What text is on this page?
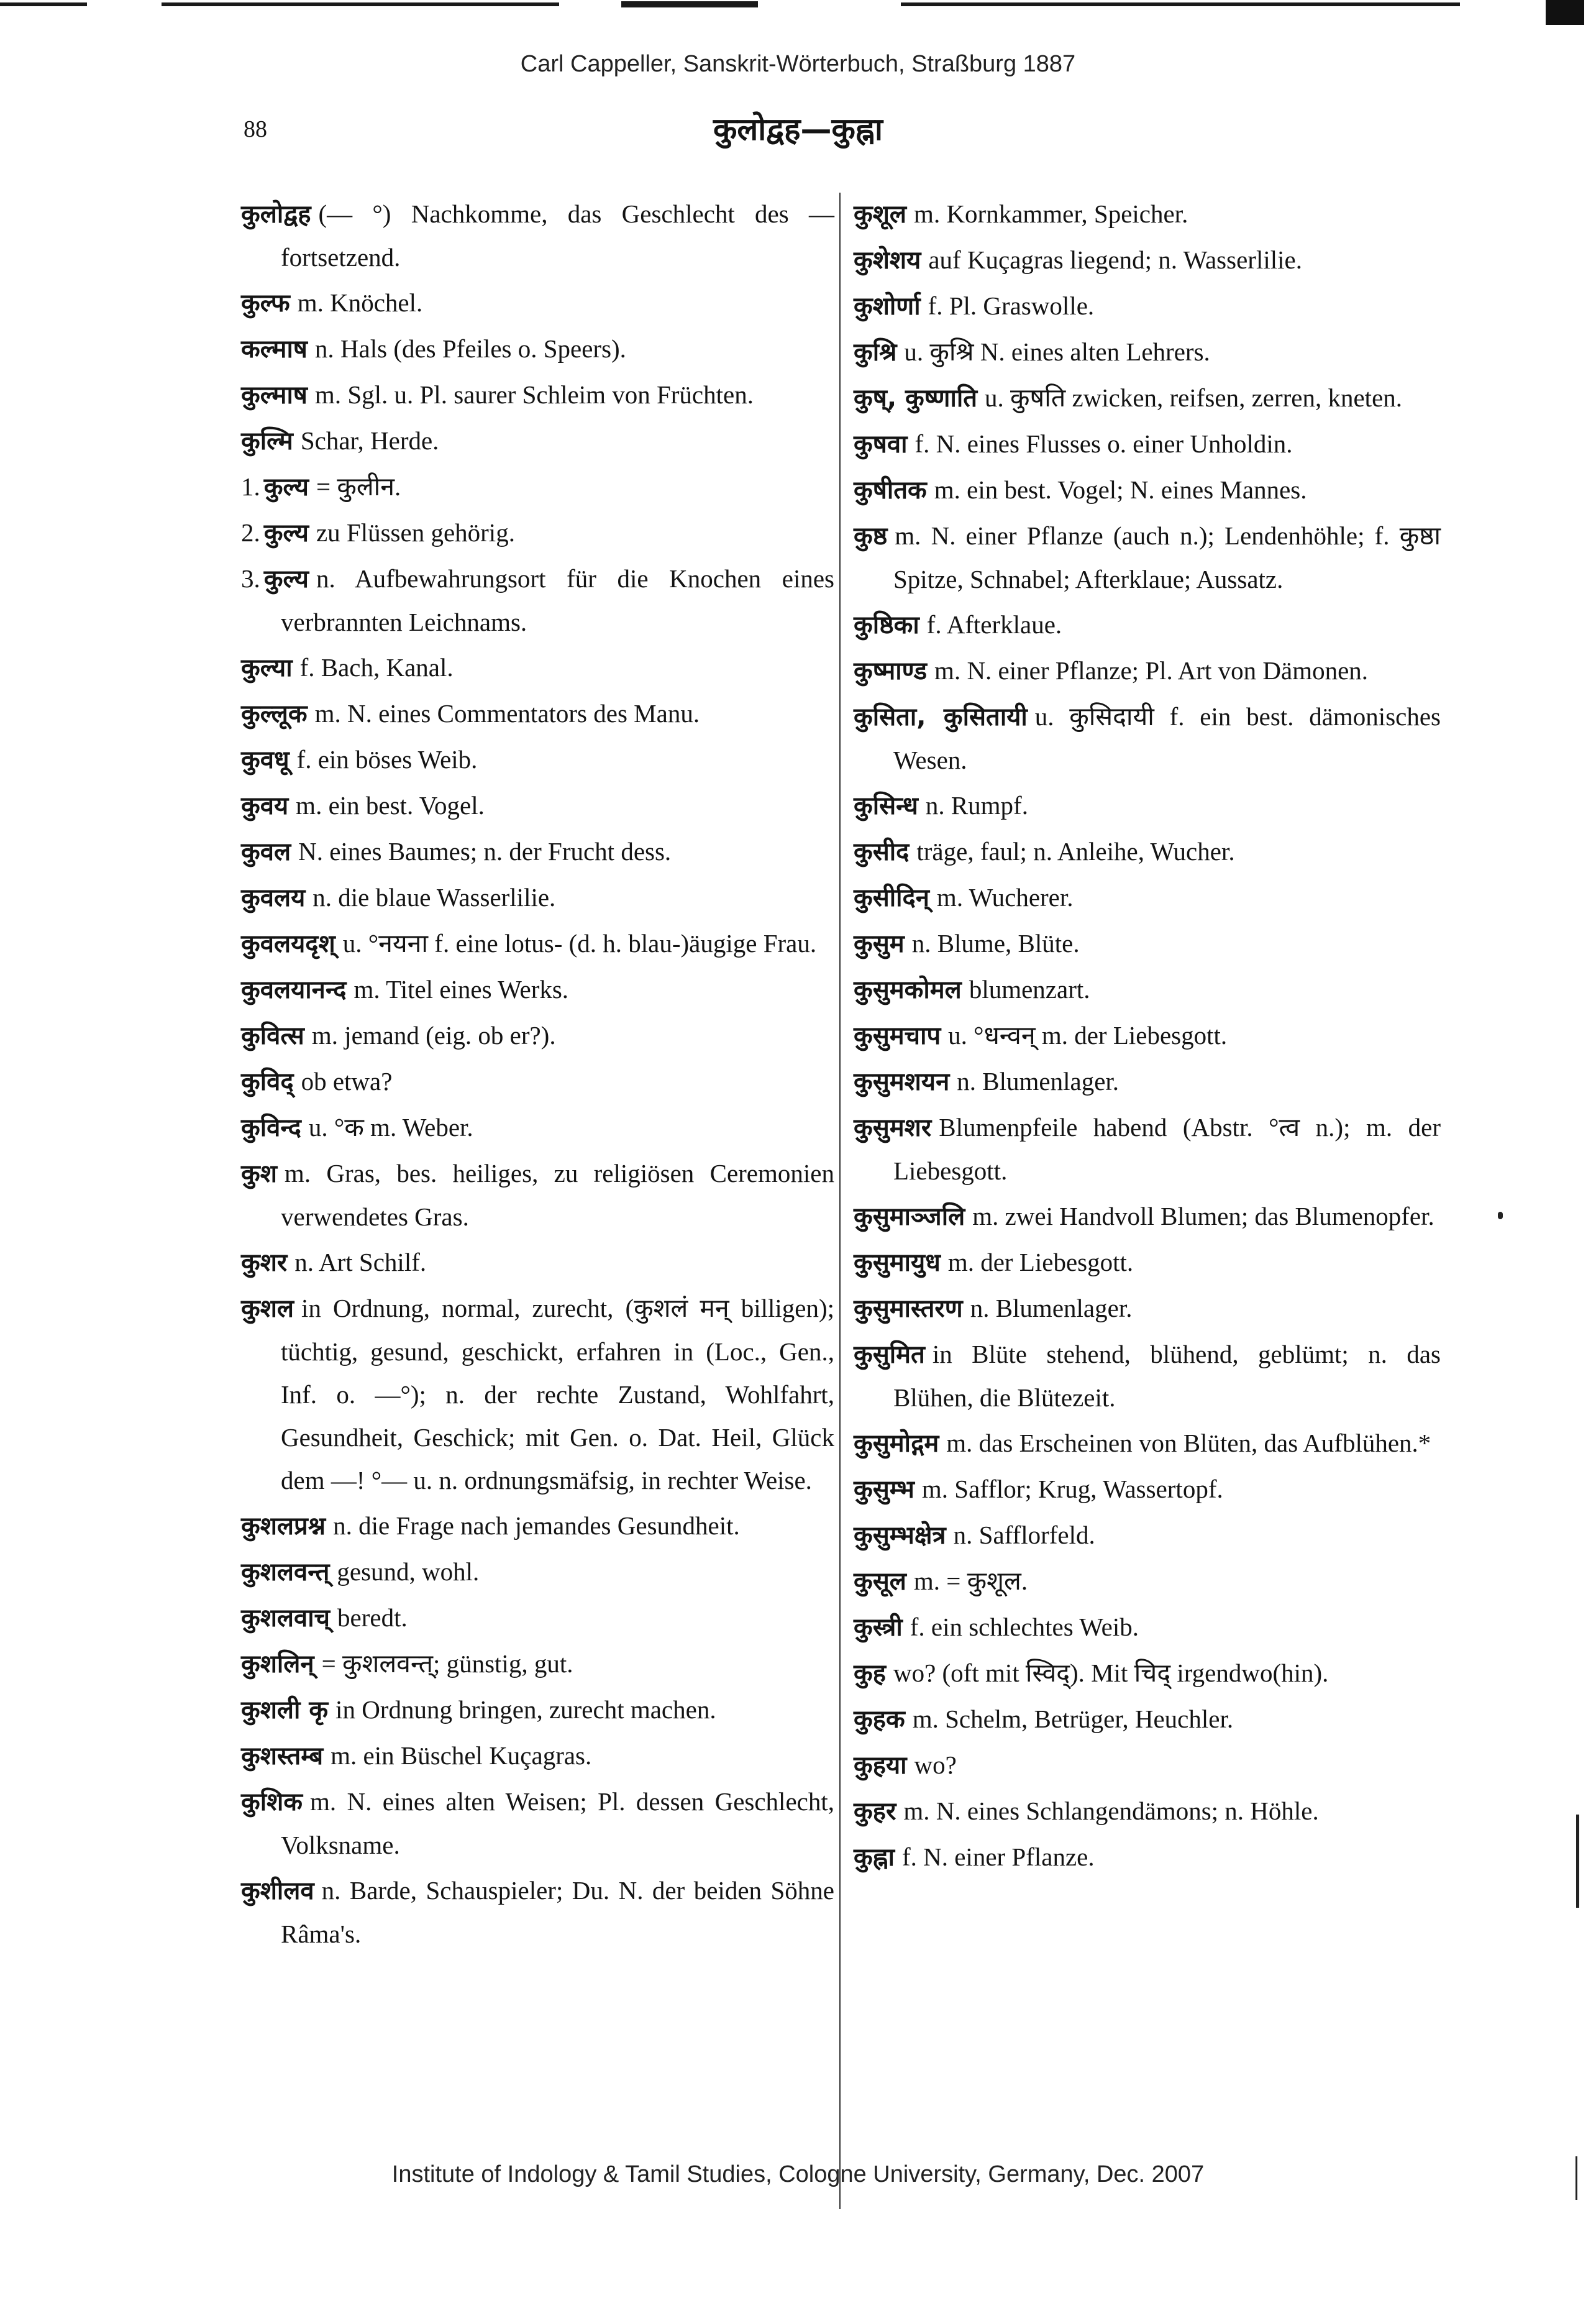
Carl Cappeller, Sanskrit-Wörterbuch, Straßburg 1887
88	कुलोद्वह—कुह्ना

कुलोद्वह (— °) Nachkomme, das Geschlecht des — fortsetzend.

कुल्फ m. Knöchel.

कल्माष n. Hals (des Pfeiles o. Speers).

कुल्माष m. Sgl. u. Pl. saurer Schleim von Früchten.

कुल्मि Schar, Herde.

1. कुल्य = कुलीन.

2. कुल्य zu Flüssen gehörig.

3. कुल्य n. Aufbewahrungsort für die Knochen eines verbrannten Leichnams.

कुल्या f. Bach, Kanal.

कुल्लूक m. N. eines Commentators des Manu.

कुवधू f. ein böses Weib.

कुवय m. ein best. Vogel.

कुवल N. eines Baumes; n. der Frucht dess.

कुवलय n. die blaue Wasserlilie.

कुवलयदृश् u. °नयना f. eine lotus- (d. h. blau-)äugige Frau.

कुवलयानन्द m. Titel eines Werks.

कुवित्स m. jemand (eig. ob er?).

कुविद् ob etwa?

कुविन्द u. °क m. Weber.

कुश m. Gras, bes. heiliges, zu religiösen Ceremonien verwendetes Gras.

कुशर n. Art Schilf.

कुशल in Ordnung, normal, zurecht, (कुशलं मन् billigen); tüchtig, gesund, geschickt, erfahren in (Loc., Gen., Inf. o. —°); n. der rechte Zustand, Wohlfahrt, Gesundheit, Geschick; mit Gen. o. Dat. Heil, Glück dem —! °— u. n. ordnungsmäfsig, in rechter Weise.

कुशलप्रश्न n. die Frage nach jemandes Gesundheit.

कुशलवन्त् gesund, wohl.

कुशलवाच् beredt.

कुशलिन् = कुशलवन्त्; günstig, gut.

कुशली कृ in Ordnung bringen, zurecht machen.

कुशस्तम्ब m. ein Büschel Kuçagras.

कुशिक m. N. eines alten Weisen; Pl. dessen Geschlecht, Volksname.

कुशीलव n. Barde, Schauspieler; Du. N. der beiden Söhne Râma's.

कुशूल m. Kornkammer, Speicher.

कुशेशय auf Kuçagras liegend; n. Wasserlilie.

कुशोर्णा f. Pl. Graswolle.

कुश्रि u. कुश्रि N. eines alten Lehrers.

कुष्, कुष्णाति u. कुषति zwicken, reifsen, zerren, kneten.

कुषवा f. N. eines Flusses o. einer Unholdin.

कुषीतक m. ein best. Vogel; N. eines Mannes.

कुष्ठ m. N. einer Pflanze (auch n.); Lendenhöhle; f. कुष्ठा Spitze, Schnabel; Afterklaue; Aussatz.

कुष्ठिका f. Afterklaue.

कुष्माण्ड m. N. einer Pflanze; Pl. Art von Dämonen.

कुसिता, कुसितायी u. कुसिदायी f. ein best. dämonisches Wesen.

कुसिन्ध n. Rumpf.

कुसीद träge, faul; n. Anleihe, Wucher.

कुसीदिन् m. Wucherer.

कुसुम n. Blume, Blüte.

कुसुमकोमल blumenzart.

कुसुमचाप u. °धन्वन् m. der Liebesgott.

कुसुमशयन n. Blumenlager.

कुसुमशर Blumenpfeile habend (Abstr. °त्व n.); m. der Liebesgott.

कुसुमाञ्जलि m. zwei Handvoll Blumen; das Blumenopfer.

कुसुमायुध m. der Liebesgott.

कुसुमास्तरण n. Blumenlager.

कुसुमित in Blüte stehend, blühend, geblümt; n. das Blühen, die Blütezeit.

कुसुमोद्गम m. das Erscheinen von Blüten, das Aufblühen.*

कुसुम्भ m. Safflor; Krug, Wassertopf.

कुसुम्भक्षेत्र n. Safflorfeld.

कुसूल m. = कुशूल.

कुस्त्री f. ein schlechtes Weib.

कुह wo? (oft mit स्विद्). Mit चिद् irgendwo(hin).

कुहक m. Schelm, Betrüger, Heuchler.

कुहया wo?

कुहर m. N. eines Schlangendämons; n. Höhle.

कुह्ना f. N. einer Pflanze.

Institute of Indology & Tamil Studies, Cologne University, Germany, Dec. 2007
